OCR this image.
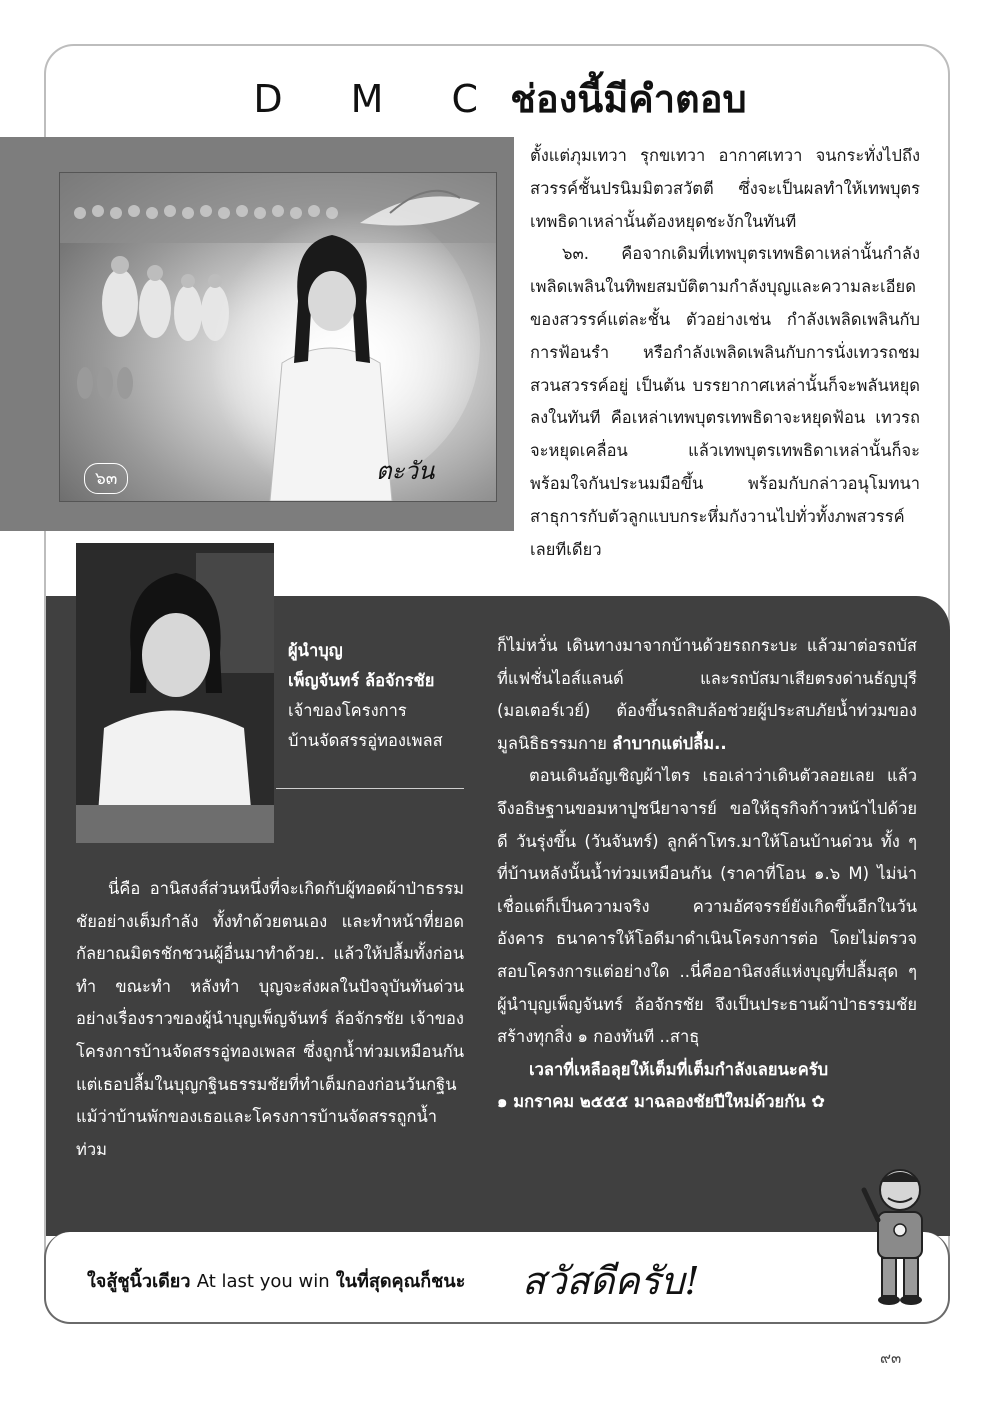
D M C ช่องนี้มีคำตอบ
๖๓	ตะวัน

ตั้งแต่ภุมเทวา รุกขเทวา อากาศเทวา จนกระทั่งไปถึงสวรรค์ชั้นปรนิมมิตวสวัตตี ซึ่งจะเป็นผลทำให้เทพบุตรเทพธิดาเหล่านั้นต้องหยุดชะงักในทันที

๖๓. คือจากเดิมที่เทพบุตรเทพธิดาเหล่านั้นกำลังเพลิดเพลินในทิพยสมบัติตามกำลังบุญและความละเอียดของสวรรค์แต่ละชั้น ตัวอย่างเช่น กำลังเพลิดเพลินกับการฟ้อนรำ หรือกำลังเพลิดเพลินกับการนั่งเทวรถชมสวนสวรรค์อยู่ เป็นต้น บรรยากาศเหล่านั้นก็จะพลันหยุดลงในทันที คือเหล่าเทพบุตรเทพธิดาจะหยุดฟ้อน เทวรถจะหยุดเคลื่อน แล้วเทพบุตรเทพธิดาเหล่านั้นก็จะพร้อมใจกันประนมมือขึ้น พร้อมกับกล่าวอนุโมทนาสาธุการกับตัวลูกแบบกระหึ่มกังวานไปทั่วทั้งภพสวรรค์เลยทีเดียว

ผู้นำบุญ
เพ็ญจันทร์ ล้อจักรชัย
เจ้าของโครงการ
บ้านจัดสรรอู่ทองเพลส

นี่คือ อานิสงส์ส่วนหนึ่งที่จะเกิดกับผู้ทอดผ้าป่าธรรมชัยอย่างเต็มกำลัง ทั้งทำด้วยตนเอง และทำหน้าที่ยอดกัลยาณมิตรชักชวนผู้อื่นมาทำด้วย.. แล้วให้ปลื้มทั้งก่อนทำ ขณะทำ หลังทำ บุญจะส่งผลในปัจจุบันทันด่วน อย่างเรื่องราวของผู้นำบุญเพ็ญจันทร์ ล้อจักรชัย เจ้าของโครงการบ้านจัดสรรอู่ทองเพลส ซึ่งถูกน้ำท่วมเหมือนกัน แต่เธอปลื้มในบุญกฐินธรรมชัยที่ทำเต็มกองก่อนวันกฐิน แม้ว่าบ้านพักของเธอและโครงการบ้านจัดสรรถูกน้ำท่วม

ก็ไม่หวั่น เดินทางมาจากบ้านด้วยรถกระบะ แล้วมาต่อรถบัสที่แฟชั่นไอส์แลนด์ และรถบัสมาเสียตรงด่านธัญบุรี (มอเตอร์เวย์) ต้องขึ้นรถสิบล้อช่วยผู้ประสบภัยน้ำท่วมของมูลนิธิธรรมกาย ลำบากแต่ปลื้ม..

ตอนเดินอัญเชิญผ้าไตร เธอเล่าว่าเดินตัวลอยเลย แล้วจึงอธิษฐานขอมหาปูชนียาจารย์ ขอให้ธุรกิจก้าวหน้าไปด้วยดี วันรุ่งขึ้น (วันจันทร์) ลูกค้าโทร.มาให้โอนบ้านด่วน ทั้ง ๆ ที่บ้านหลังนั้นน้ำท่วมเหมือนกัน (ราคาที่โอน ๑.๖ M) ไม่น่าเชื่อแต่ก็เป็นความจริง ความอัศจรรย์ยังเกิดขึ้นอีกในวันอังคาร ธนาคารให้โอดีมาดำเนินโครงการต่อ โดยไม่ตรวจสอบโครงการแต่อย่างใด ..นี่คืออานิสงส์แห่งบุญที่ปลื้มสุด ๆ ผู้นำบุญเพ็ญจันทร์ ล้อจักรชัย จึงเป็นประธานผ้าป่าธรรมชัย สร้างทุกสิ่ง ๑ กองทันที ..สาธุ

เวลาที่เหลือลุยให้เต็มที่เต็มกำลังเลยนะครับ

๑ มกราคม ๒๕๕๕ มาฉลองชัยปีใหม่ด้วยกัน ✿

ใจสู้ชูนิ้วเดียว At last you win ในที่สุดคุณก็ชนะ สวัสดีครับ!
๙๓
